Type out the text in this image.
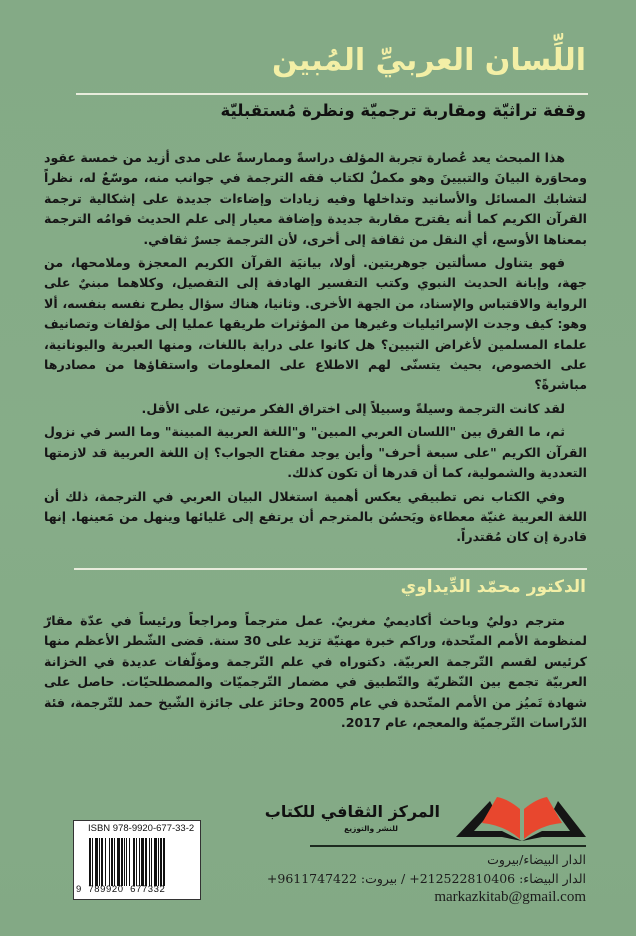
اللِّسان العربيِّ المُبين
وقفة تراثيّة ومقاربة ترجميّة ونظرة مُستقبليّة

هذا المبحث يعد عُصارة تجربة المؤلف دراسةً وممارسةً على مدى أزيد من خمسة عقود ومحاوَرة البيانَ والتبيينَ وهو مكملٌ لكتاب فقه الترجمة في جوانب منه، موسّعٌ له، نظراً لتشابك المسائل والأسانيد وتداخلها وفيه زيادات وإضاءات جديدة على إشكالية ترجمة القرآن الكريم كما أنه يقترح مقاربة جديدة وإضافة معيار إلى علم الحديث قوامُه الترجمة بمعناها الأوسع، أي النقل من ثقافة إلى أخرى، لأن الترجمة جسرٌ ثقافي.

فهو يتناول مسألتين جوهريتين. أولا، بيانيَة القرآن الكريم المعجزة وملامحها، من جهة، وإبانة الحديث النبوي وكتب التفسير الهادفة إلى التفصيل، وكلاهما مبنيٌ على الرواية والاقتباس والإسناد، من الجهة الأخرى. وثانيا، هناك سؤال يطرح نفسه بنفسه، ألا وهو: كيف وجدت الإسرائيليات وغيرها من المؤثرات طريقها عمليا إلى مؤلفات وتصانيف علماء المسلمين لأغراض التبيين؟ هل كانوا على دراية باللغات، ومنها العبرية واليونانية، على الخصوص، بحيث يتسنّى لهم الاطلاع على المعلومات واستقاؤها من مصادرها مباشرةً؟

لقد كانت الترجمة وسيلةً وسبيلاً إلى اختراق الفكر مرتين، على الأقل.

ثم، ما الفرق بين "اللسان العربي المبين" و"اللغة العربية المبينة" وما السر في نزول القرآن الكريم "على سبعة أحرف" وأين يوجد مفتاح الجواب؟ إن اللغة العربية قد لازمتها التعددية والشمولية، كما أن قدرها أن تكون كذلك.

وفي الكتاب نص تطبيقي يعكس أهمية استغلال البيان العربي في الترجمة، ذلك أن اللغة العربية غنيّة معطاءة ويَحسُن بالمترجم أن يرتفع إلى عَليائها وينهل من مَعينها. إنها قادرة إن كان مُقتدراً.

الدكتور محمّد الدِّيداوي

مترجم دوليٌ وباحث أكاديميٌ مغربيٌ. عمل مترجماً ومراجعاً ورئيساً في عدّة مقارّ لمنظومة الأمم المتّحدة، وراكم خبرة مهنيّة تزيد على 30 سنة. قضى الشّطر الأعظم منها كرئيس لقسم التّرجمة العربيّة. دكتوراه في علم التّرجمة ومؤلّفات عديدة في الخزانة العربيّة تجمع بين النّظريّة والتّطبيق في مضمار التّرجميّات والمصطلحيّات. حاصل على شهادة تَميُز من الأمم المتّحدة في عام 2005 وحائز على جائزة الشّيخ حمد للتّرجمة، فئة الدّراسات التّرجميّة والمعجم، عام 2017.

المركز الثقافي للكتاب
للنشر والتوزيع
الدار البيضاء/بيروت
الدار البيضاء: 212522810406+ / بيروت: 9611747422+
markazkitab@gmail.com
ISBN 978-9920-677-33-2
9  789920  677332
